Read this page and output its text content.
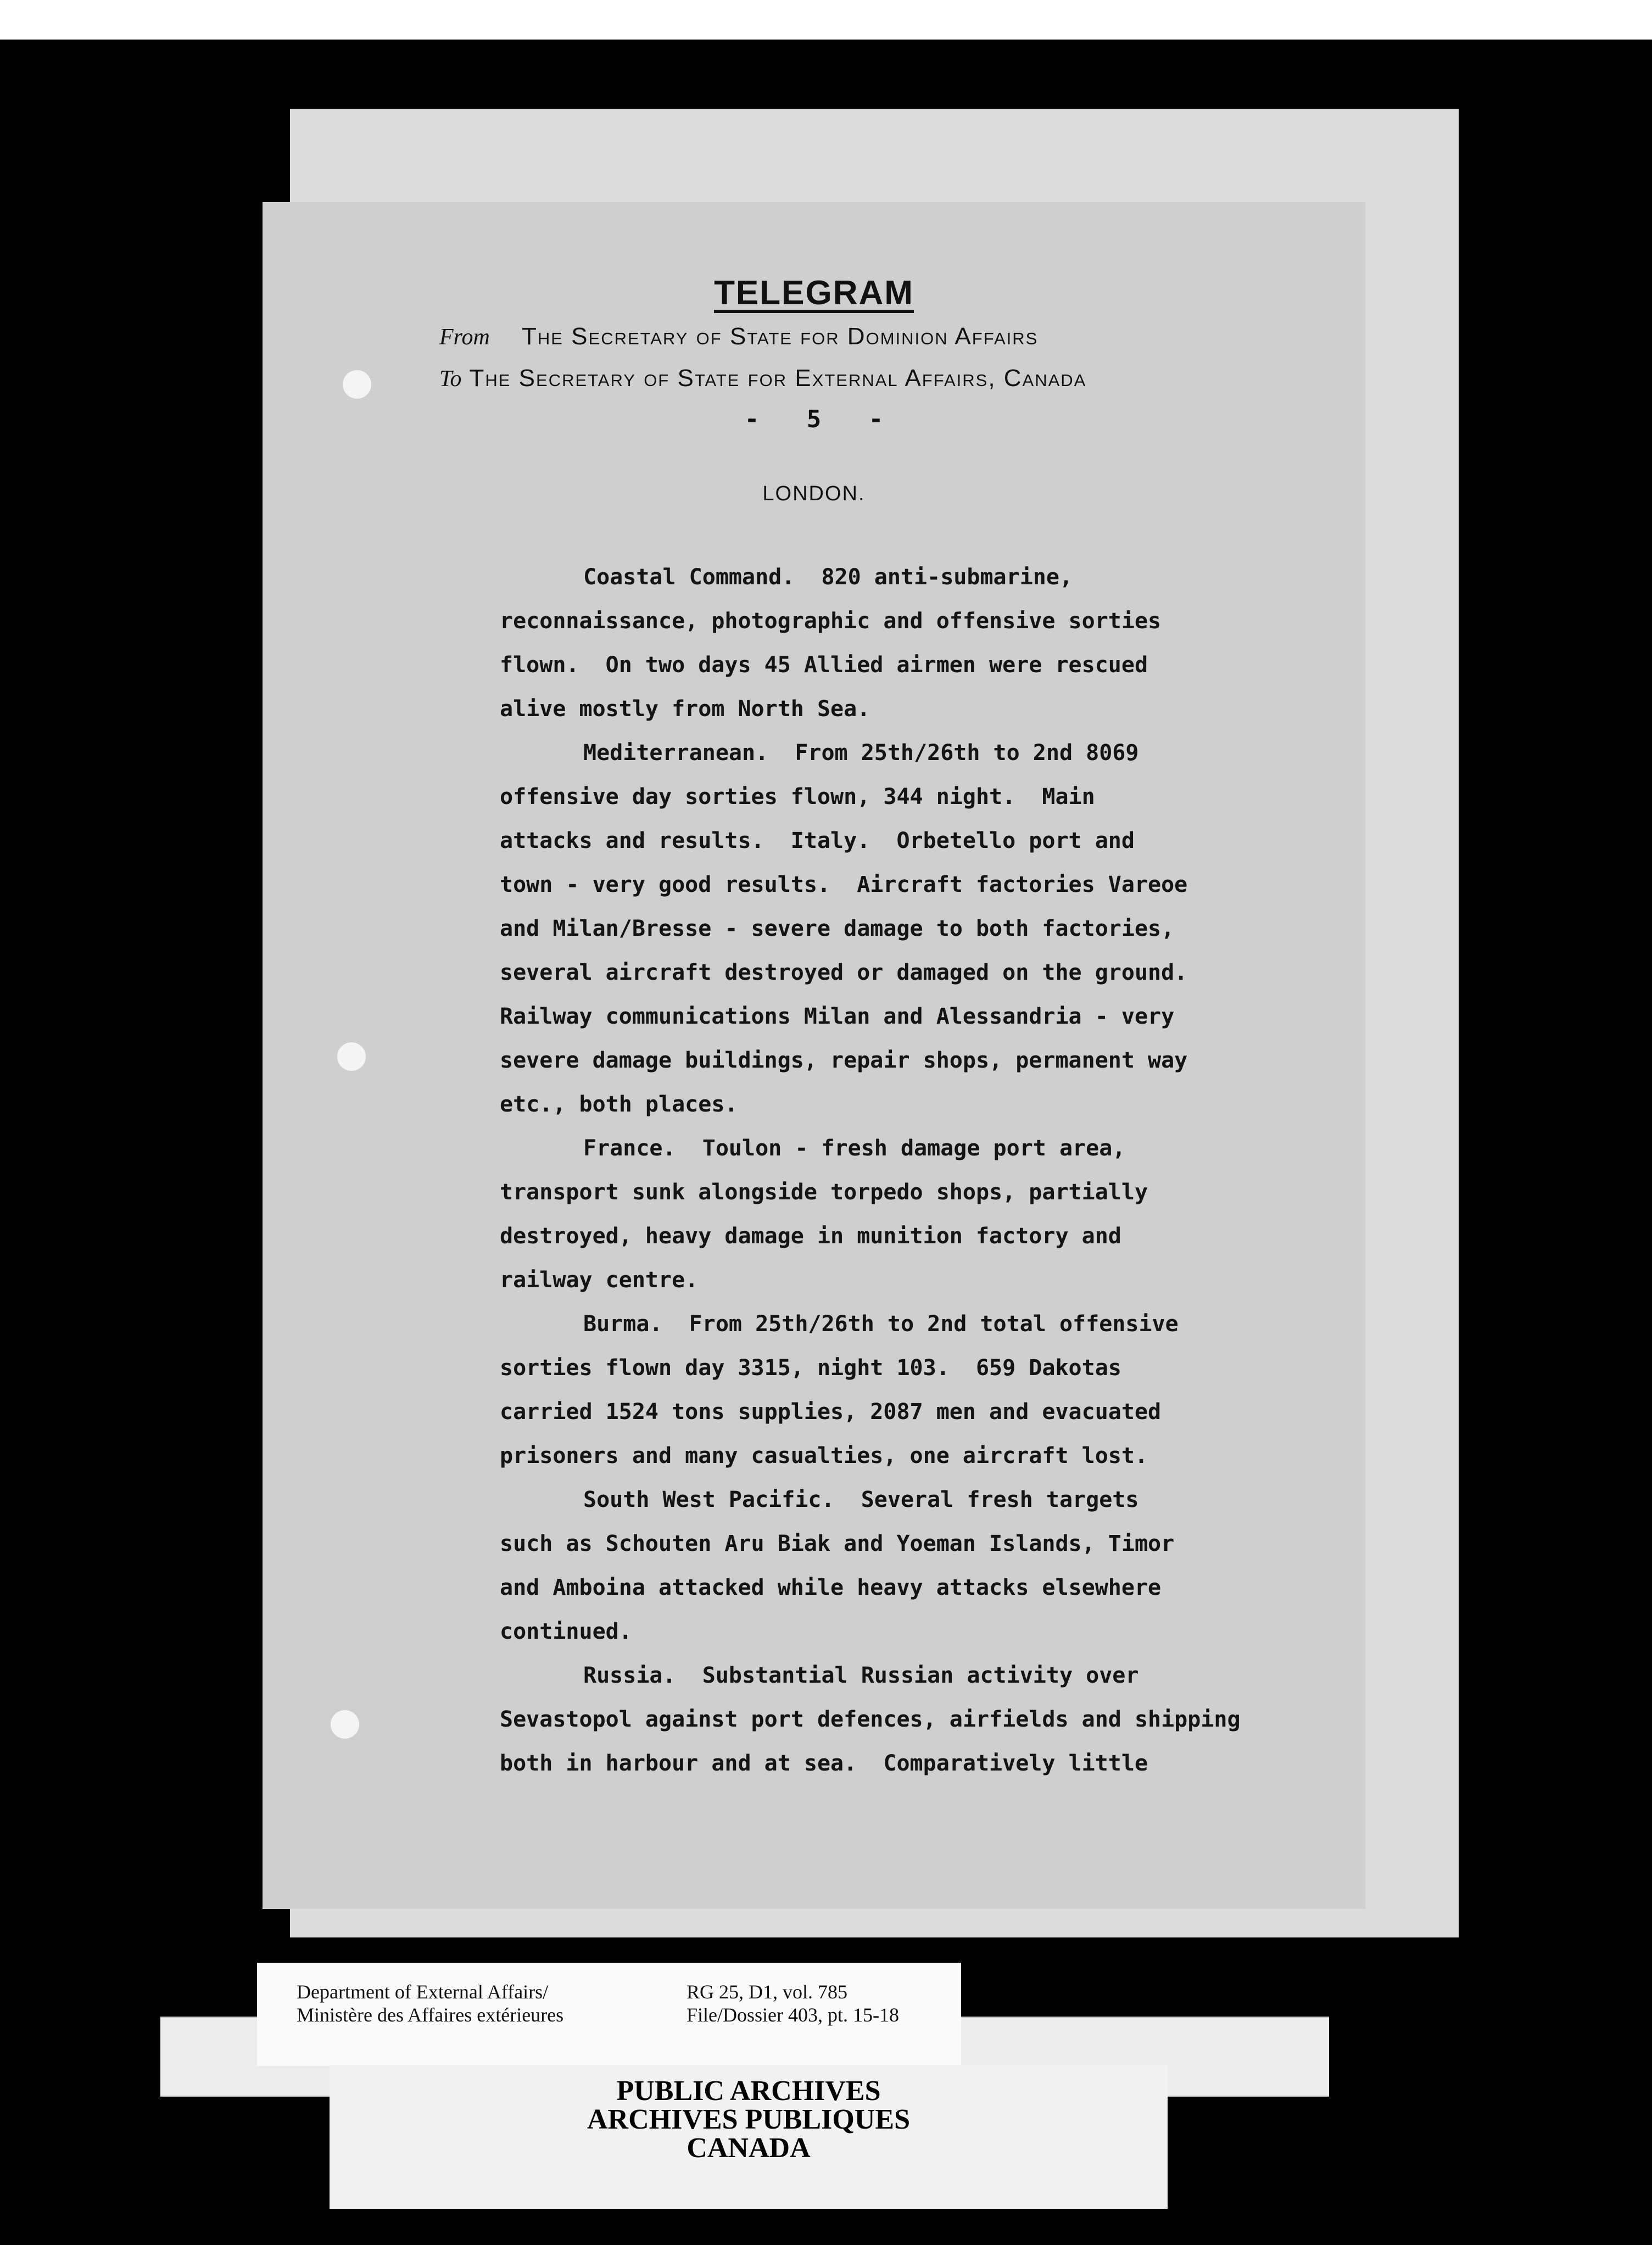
TELEGRAM
From The Secretary of State for Dominion Affairs
To The Secretary of State for External Affairs, Canada
- 5 -
LONDON.
Coastal Command.  820 anti-submarine,
reconnaissance, photographic and offensive sorties
flown.  On two days 45 Allied airmen were rescued
alive mostly from North Sea.
Mediterranean.  From 25th/26th to 2nd 8069
offensive day sorties flown, 344 night.  Main
attacks and results.  Italy.  Orbetello port and
town - very good results.  Aircraft factories Vareoe
and Milan/Bresse - severe damage to both factories,
several aircraft destroyed or damaged on the ground.
Railway communications Milan and Alessandria - very
severe damage buildings, repair shops, permanent way
etc., both places.
France.  Toulon - fresh damage port area,
transport sunk alongside torpedo shops, partially
destroyed, heavy damage in munition factory and
railway centre.
Burma.  From 25th/26th to 2nd total offensive
sorties flown day 3315, night 103.  659 Dakotas
carried 1524 tons supplies, 2087 men and evacuated
prisoners and many casualties, one aircraft lost.
South West Pacific.  Several fresh targets
such as Schouten Aru Biak and Yoeman Islands, Timor
and Amboina attacked while heavy attacks elsewhere
continued.
Russia.  Substantial Russian activity over
Sevastopol against port defences, airfields and shipping
both in harbour and at sea.  Comparatively little
Department of External Affairs/
Ministère des Affaires extérieures
RG 25, D1, vol. 785
File/Dossier 403, pt. 15-18
PUBLIC ARCHIVES
ARCHIVES PUBLIQUES
CANADA
